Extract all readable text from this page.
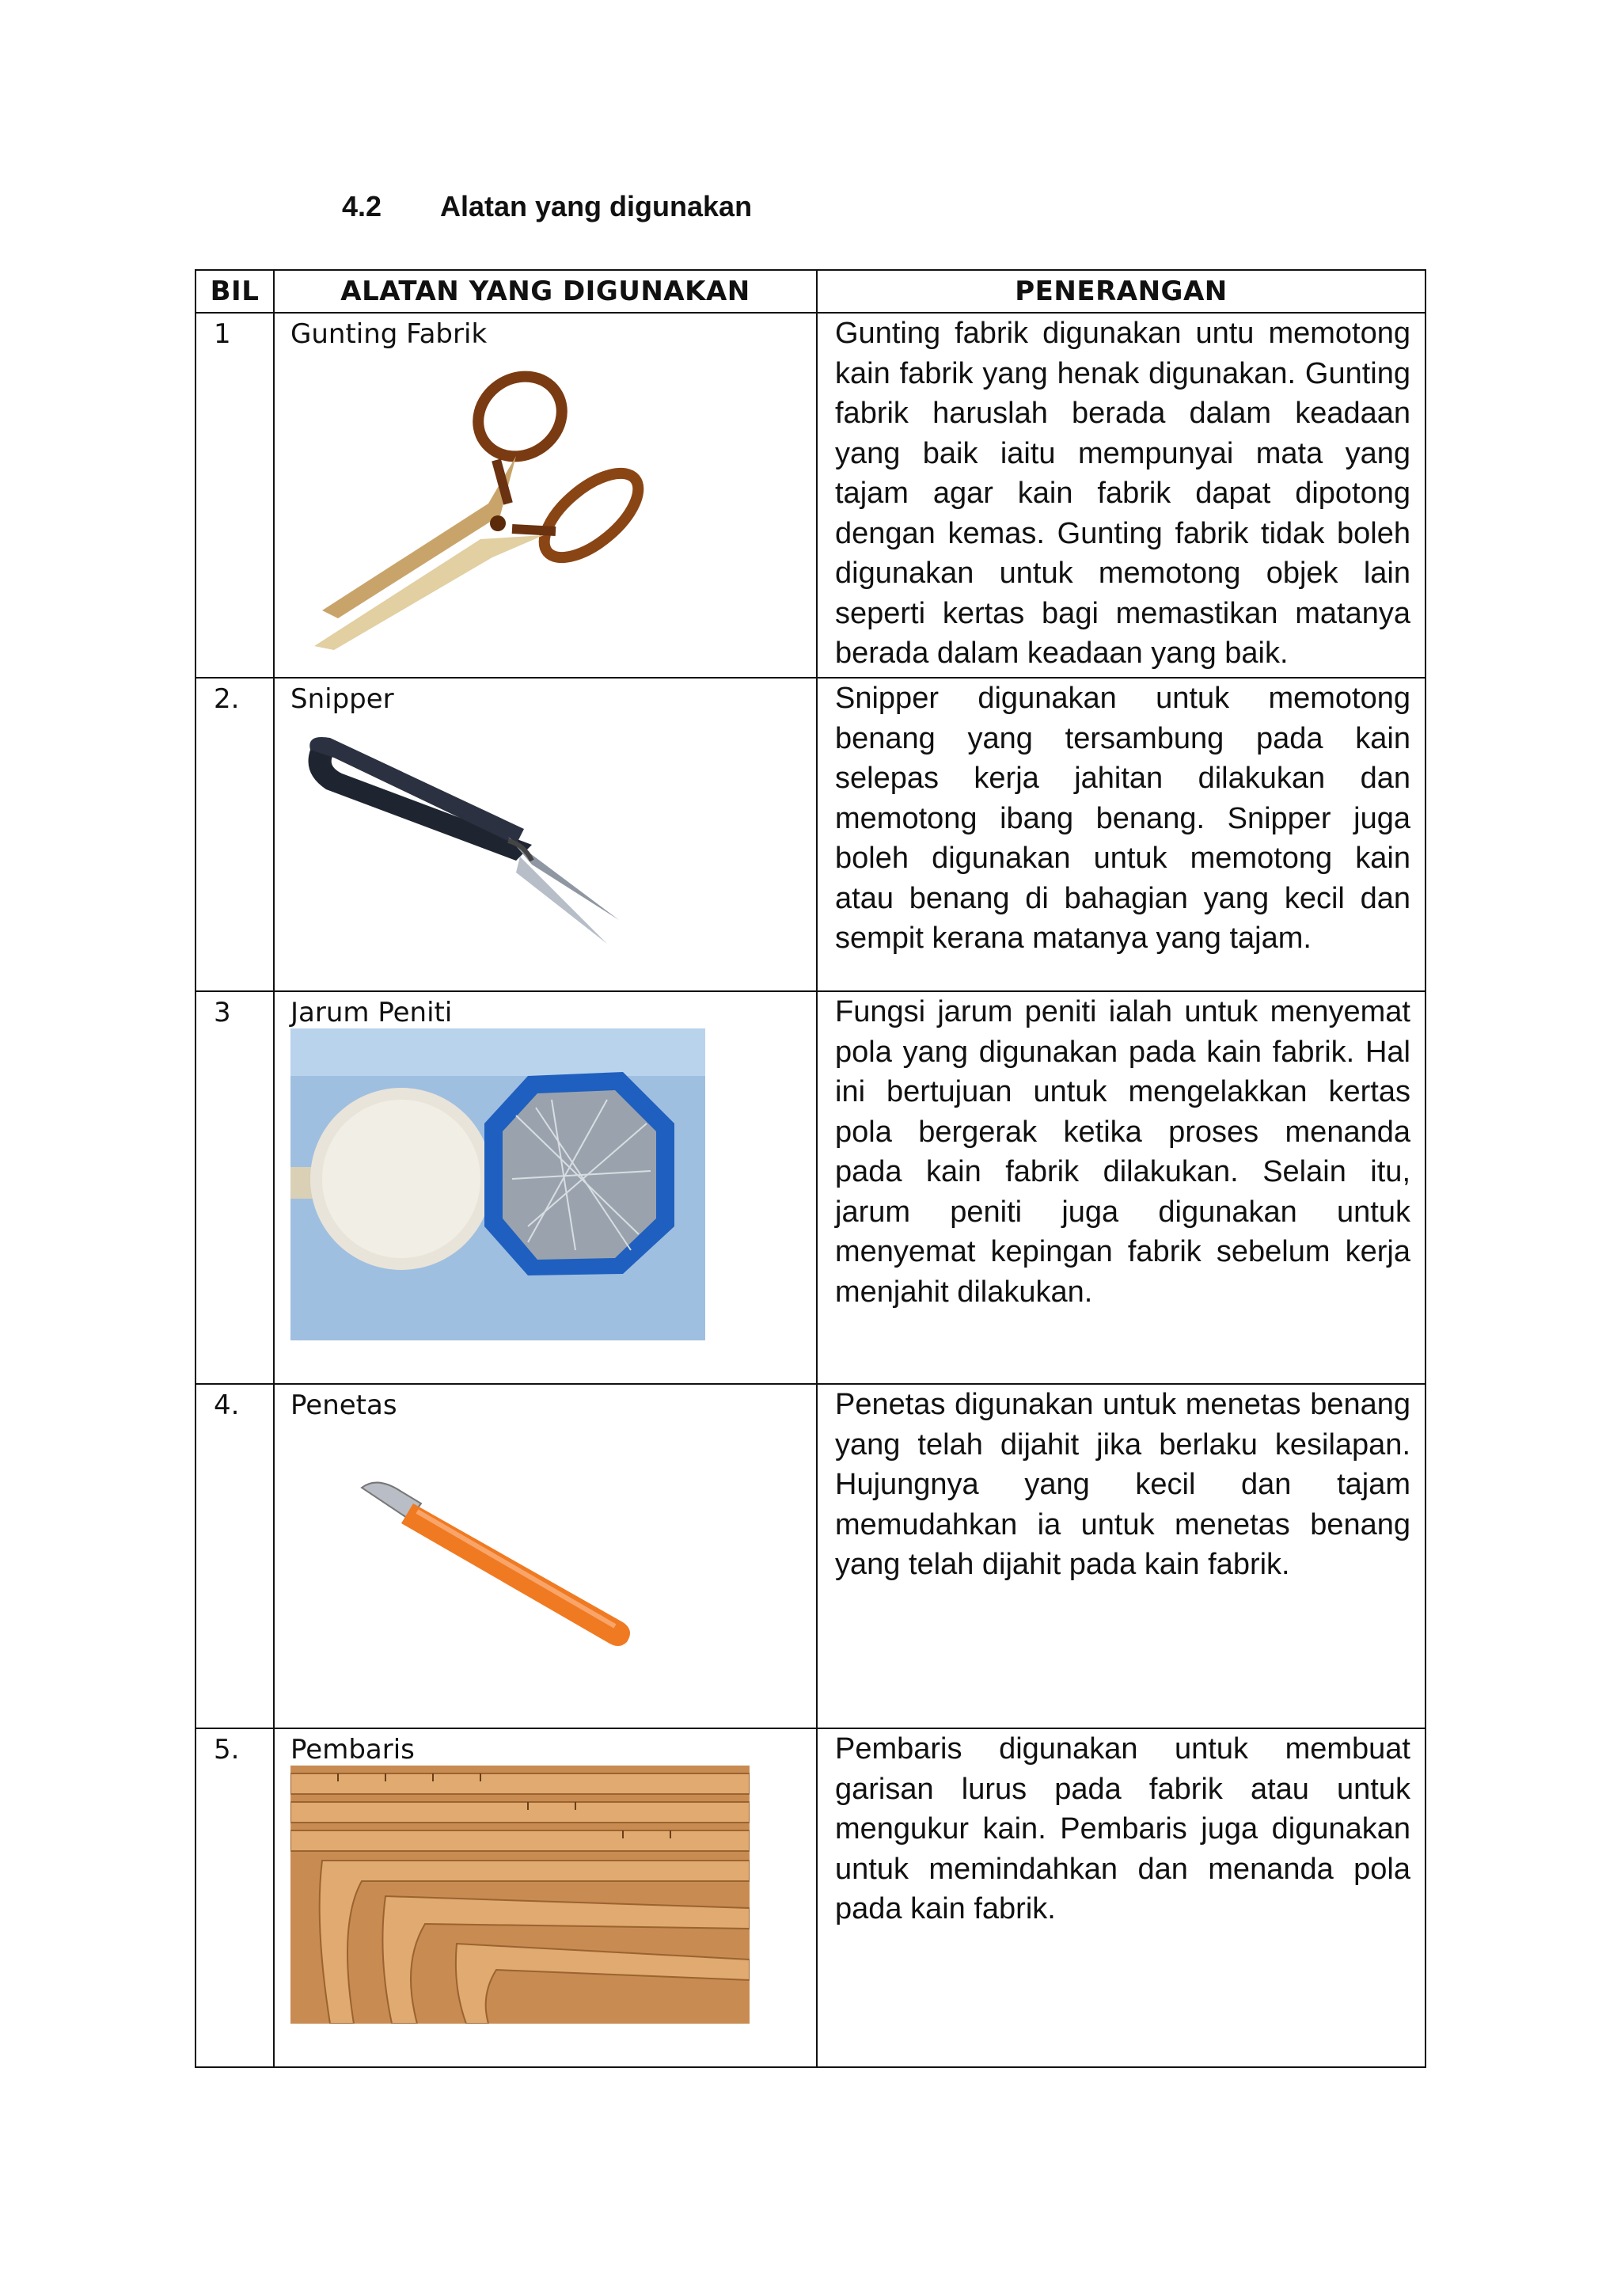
4.2	Alatan yang digunakan
BIL	ALATAN YANG DIGUNAKAN	PENERANGAN
1	Gunting Fabrik	Gunting fabrik digunakan untu memotong kain fabrik yang henak digunakan. Gunting fabrik haruslah berada dalam keadaan yang baik iaitu mempunyai mata yang tajam agar kain fabrik dapat dipotong dengan kemas. Gunting fabrik tidak boleh digunakan untuk memotong objek lain seperti kertas bagi memastikan matanya berada dalam keadaan yang baik.
2.	Snipper	Snipper digunakan untuk memotong benang yang tersambung pada kain selepas kerja jahitan dilakukan dan memotong ibang benang. Snipper juga boleh digunakan untuk memotong kain atau benang di bahagian yang kecil dan sempit kerana matanya yang tajam.
3	Jarum Peniti	Fungsi jarum peniti ialah untuk menyemat pola yang digunakan pada kain fabrik. Hal ini bertujuan untuk mengelakkan kertas pola bergerak ketika proses menanda pada kain fabrik dilakukan. Selain itu, jarum peniti juga digunakan untuk menyemat kepingan fabrik sebelum kerja menjahit dilakukan.
4.	Penetas	Penetas digunakan untuk menetas benang yang telah dijahit jika berlaku kesilapan. Hujungnya yang kecil dan tajam memudahkan ia untuk menetas benang yang telah dijahit pada kain fabrik.
5.	Pembaris	Pembaris digunakan untuk membuat garisan lurus pada fabrik atau untuk mengukur kain. Pembaris juga digunakan untuk memindahkan dan menanda pola pada kain fabrik.
